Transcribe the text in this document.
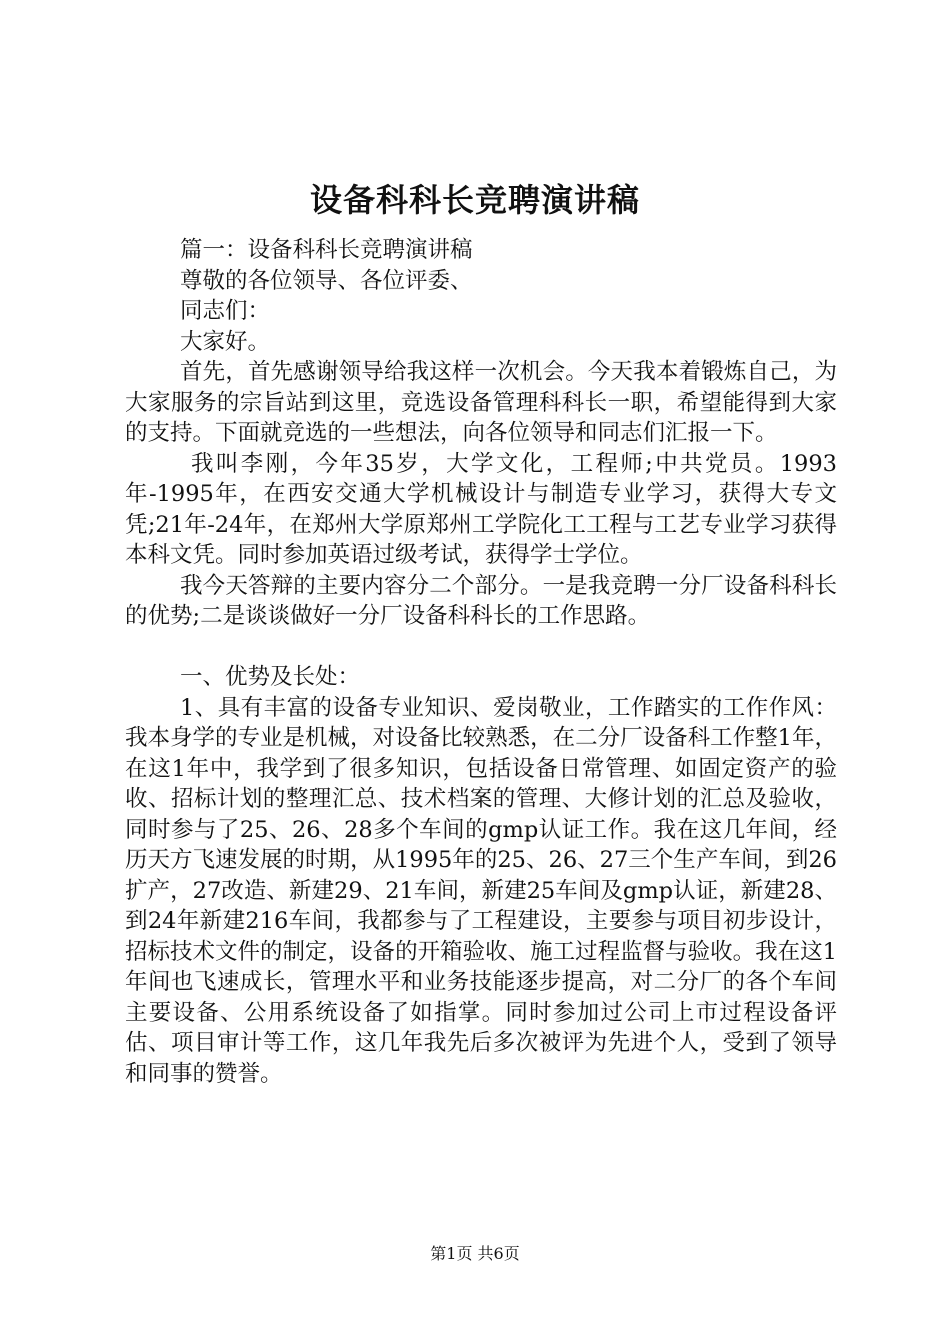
设备科科长竞聘演讲稿

篇一：设备科科长竞聘演讲稿

尊敬的各位领导、各位评委、

同志们：

大家好。

首先，首先感谢领导给我这样一次机会。今天我本着锻炼自己，为大家服务的宗旨站到这里，竞选设备管理科科长一职，希望能得到大家的支持。下面就竞选的一些想法，向各位领导和同志们汇报一下。

我叫李刚，今年35岁，大学文化，工程师;中共党员。1993年-1995年，在西安交通大学机械设计与制造专业学习，获得大专文凭;21年-24年，在郑州大学原郑州工学院化工工程与工艺专业学习获得本科文凭。同时参加英语过级考试，获得学士学位。

我今天答辩的主要内容分二个部分。一是我竞聘一分厂设备科科长的优势;二是谈谈做好一分厂设备科科长的工作思路。

一、优势及长处：

1、具有丰富的设备专业知识、爱岗敬业，工作踏实的工作作风：我本身学的专业是机械，对设备比较熟悉，在二分厂设备科工作整1年，在这1年中，我学到了很多知识，包括设备日常管理、如固定资产的验收、招标计划的整理汇总、技术档案的管理、大修计划的汇总及验收，同时参与了25、26、28多个车间的gmp认证工作。我在这几年间，经历天方飞速发展的时期，从1995年的25、26、27三个生产车间，到26扩产，27改造、新建29、21车间，新建25车间及gmp认证，新建28、到24年新建216车间，我都参与了工程建设，主要参与项目初步设计，招标技术文件的制定，设备的开箱验收、施工过程监督与验收。我在这1年间也飞速成长，管理水平和业务技能逐步提高，对二分厂的各个车间主要设备、公用系统设备了如指掌。同时参加过公司上市过程设备评估、项目审计等工作，这几年我先后多次被评为先进个人，受到了领导和同事的赞誉。

第1页 共6页
